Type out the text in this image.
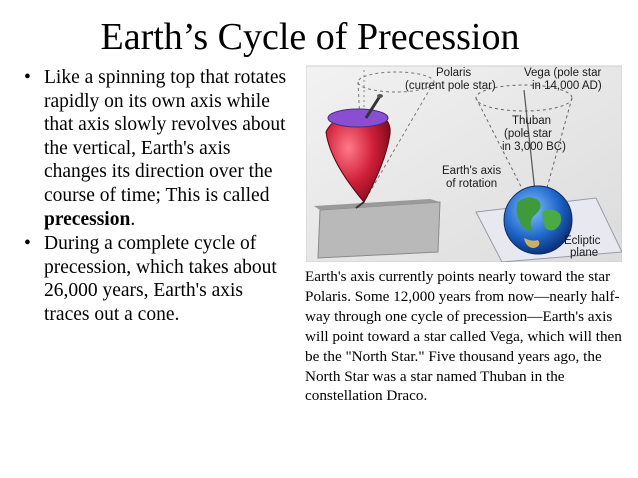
Earth’s Cycle of Precession
• Like a spinning top that rotates rapidly on its own axis while that axis slowly revolves about the vertical, Earth's axis changes its direction over the course of time; This is called precession.
• During a complete cycle of precession, which takes about 26,000 years, Earth's axis traces out a cone.
Polaris
(current pole star)
Vega (pole star
in 14,000 AD)
Thuban
(pole star
in 3,000 BC)
Earth's axis
of rotation
Ecliptic
plane
Earth's axis currently points nearly toward the star Polaris. Some 12,000 years from now—nearly half-way through one cycle of precession—Earth's axis will point toward a star called Vega, which will then be the "North Star." Five thousand years ago, the North Star was a star named Thuban in the constellation Draco.
